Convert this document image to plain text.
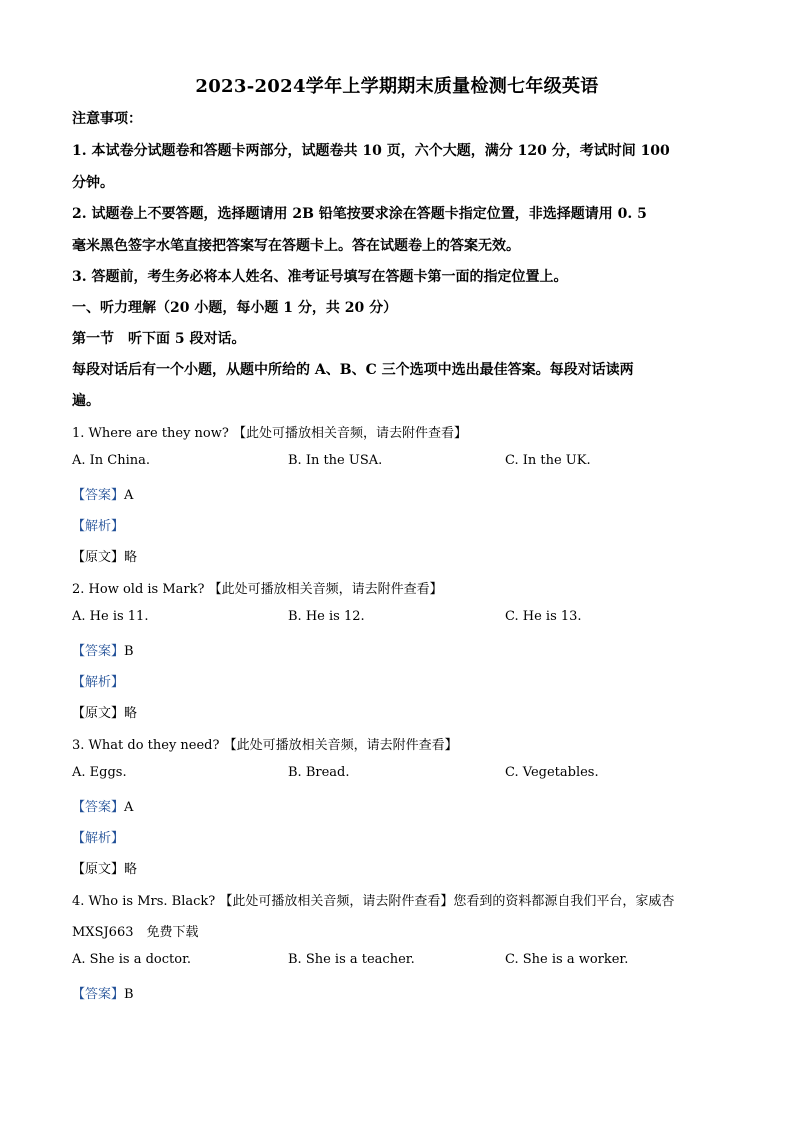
2023-2024学年上学期期末质量检测七年级英语
注意事项：
1. 本试卷分试题卷和答题卡两部分，试题卷共 10 页，六个大题，满分 120 分，考试时间 100
分钟。
2. 试题卷上不要答题，选择题请用 2B 铅笔按要求涂在答题卡指定位置，非选择题请用 0. 5
毫米黑色签字水笔直接把答案写在答题卡上。答在试题卷上的答案无效。
3. 答题前，考生务必将本人姓名、准考证号填写在答题卡第一面的指定位置上。
一、听力理解（20 小题，每小题 1 分，共 20 分）
第一节　听下面 5 段对话。
每段对话后有一个小题，从题中所给的 A、B、C 三个选项中选出最佳答案。每段对话读两
遍。
1. Where are they now? 【此处可播放相关音频，请去附件查看】
A. In China.	B. In the USA.	C. In the UK.
【答案】A
【解析】
【原文】略
2. How old is Mark? 【此处可播放相关音频，请去附件查看】
A. He is 11.	B. He is 12.	C. He is 13.
【答案】B
【解析】
【原文】略
3. What do they need? 【此处可播放相关音频，请去附件查看】
A. Eggs.	B. Bread.	C. Vegetables.
【答案】A
【解析】
【原文】略
4. Who is Mrs. Black? 【此处可播放相关音频，请去附件查看】您看到的资料都源自我们平台，家威杏
MXSJ663　免费下载
A. She is a doctor.	B. She is a teacher.	C. She is a worker.
【答案】B
